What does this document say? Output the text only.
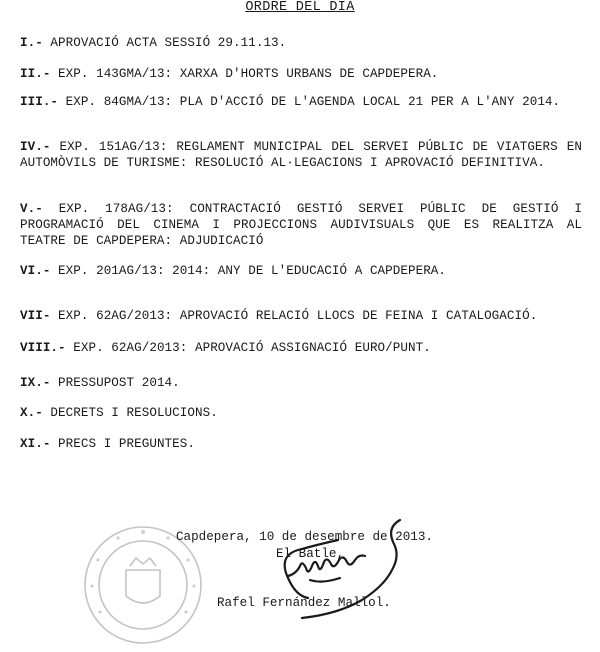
ORDRE DEL DIA
I.- APROVACIÓ ACTA SESSIÓ 29.11.13.
II.- EXP. 143GMA/13: XARXA D'HORTS URBANS DE CAPDEPERA.
III.- EXP. 84GMA/13: PLA D'ACCIÓ DE L'AGENDA LOCAL 21 PER A L'ANY 2014.
IV.- EXP. 151AG/13: REGLAMENT MUNICIPAL DEL SERVEI PÚBLIC DE VIATGERS EN AUTOMÒVILS DE TURISME: RESOLUCIÓ AL·LEGACIONS I APROVACIÓ DEFINITIVA.
V.- EXP. 178AG/13: CONTRACTACIÓ GESTIÓ SERVEI PÚBLIC DE GESTIÓ I PROGRAMACIÓ DEL CINEMA I PROJECCIONS AUDIVISUALS QUE ES REALITZA AL TEATRE DE CAPDEPERA: ADJUDICACIÓ
VI.- EXP. 201AG/13: 2014: ANY DE L'EDUCACIÓ A CAPDEPERA.
VII- EXP. 62AG/2013: APROVACIÓ RELACIÓ LLOCS DE FEINA I CATALOGACIÓ.
VIII.- EXP. 62AG/2013: APROVACIÓ ASSIGNACIÓ EURO/PUNT.
IX.- PRESSUPOST 2014.
X.- DECRETS I RESOLUCIONS.
XI.- PRECS I PREGUNTES.
Capdepera, 10 de desembre de 2013.
El Batle,
Rafel Fernández Mallol.
